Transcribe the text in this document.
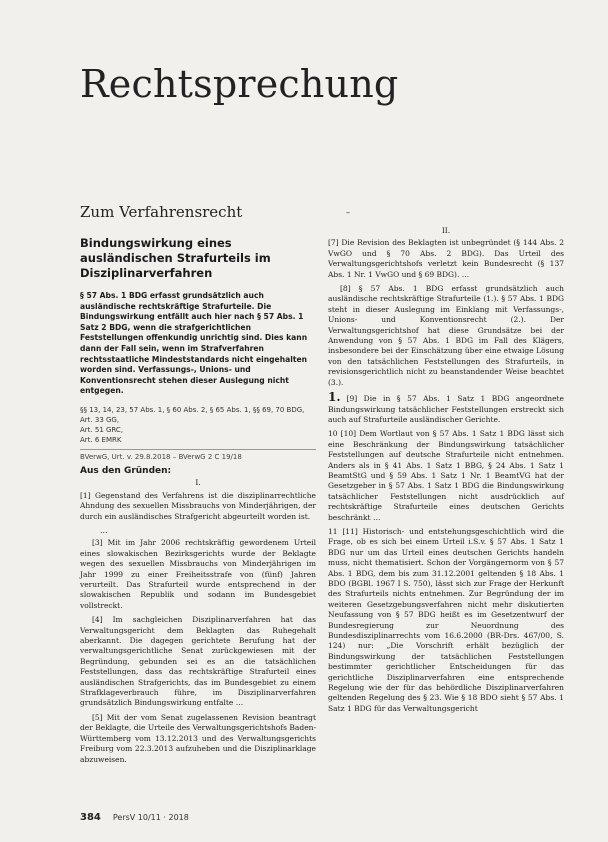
Rechtsprechung
Zum Verfahrensrecht
Bindungswirkung eines ausländischen Strafurteils im Disziplinarverfahren
§ 57 Abs. 1 BDG erfasst grundsätzlich auch ausländische rechtskräftige Strafurteile. Die Bindungswirkung entfällt auch hier nach § 57 Abs. 1 Satz 2 BDG, wenn die strafgerichtlichen Feststellungen offenkundig unrichtig sind. Dies kann dann der Fall sein, wenn im Strafverfahren rechtsstaatliche Mindeststandards nicht eingehalten worden sind. Verfassungs-, Unions- und Konventionsrecht stehen dieser Auslegung nicht entgegen.
§§ 13, 14, 23, 57 Abs. 1, § 60 Abs. 2, § 65 Abs. 1, §§ 69, 70 BDG,
Art. 33 GG,
Art. 51 GRC,
Art. 6 EMRK
BVerwG, Urt. v. 29.8.2018 – BVerwG 2 C 19/18
Aus den Gründen:
I.

[1] Gegenstand des Verfahrens ist die disziplinarrechtliche Ahndung des sexuellen Missbrauchs von Minderjährigen, der durch ein ausländisches Strafgericht abgeurteilt worden ist.

…

[3] Mit im Jahr 2006 rechtskräftig gewordenem Urteil eines slowakischen Bezirksgerichts wurde der Beklagte wegen des sexuellen Missbrauchs von Minderjährigen im Jahr 1999 zu einer Freiheitsstrafe von (fünf) Jahren verurteilt. Das Strafurteil wurde entsprechend in der slowakischen Republik und sodann im Bundesgebiet vollstreckt.

[4] Im sachgleichen Disziplinarverfahren hat das Verwaltungsgericht dem Beklagten das Ruhegehalt aberkannt. Die dagegen gerichtete Berufung hat der verwaltungsgerichtliche Senat zurückgewiesen mit der Begründung, gebunden sei es an die tatsächlichen Feststellungen, dass das rechtskräftige Strafurteil eines ausländischen Strafgerichts, das im Bundesgebiet zu einem Strafklageverbrauch führe, im Disziplinarverfahren grundsätzlich Bindungswirkung entfalte …

[5] Mit der vom Senat zugelassenen Revision beantragt der Beklagte, die Urteile des Verwaltungsgerichtshofs Baden-Württemberg vom 13.12.2013 und des Verwaltungsgerichts Freiburg vom 22.3.2013 aufzuheben und die Disziplinarklage abzuweisen.

–
II.

[7] Die Revision des Beklagten ist unbegründet (§ 144 Abs. 2 VwGO und § 70 Abs. 2 BDG). Das Urteil des Verwaltungsgerichtshofs verletzt kein Bundesrecht (§ 137 Abs. 1 Nr. 1 VwGO und § 69 BDG). …

[8] § 57 Abs. 1 BDG erfasst grundsätzlich auch ausländische rechtskräftige Strafurteile (1.). § 57 Abs. 1 BDG steht in dieser Auslegung im Einklang mit Verfassungs-, Unions- und Konventionsrecht (2.). Der Verwaltungsgerichtshof hat diese Grundsätze bei der Anwendung von § 57 Abs. 1 BDG im Fall des Klägers, insbesondere bei der Einschätzung über eine etwaige Lösung von den tatsächlichen Feststellungen des Strafurteils, in revisionsgerichtlich nicht zu beanstandender Weise beachtet (3.).

1. [9] Die in § 57 Abs. 1 Satz 1 BDG angeordnete Bindungswirkung tatsächlicher Feststellungen erstreckt sich auch auf Strafurteile ausländischer Gerichte.

10 [10] Dem Wortlaut von § 57 Abs. 1 Satz 1 BDG lässt sich eine Beschränkung der Bindungswirkung tatsächlicher Feststellungen auf deutsche Strafurteile nicht entnehmen. Anders als in § 41 Abs. 1 Satz 1 BBG, § 24 Abs. 1 Satz 1 BeamtStG und § 59 Abs. 1 Satz 1 Nr. 1 BeamtVG hat der Gesetzgeber in § 57 Abs. 1 Satz 1 BDG die Bindungswirkung tatsächlicher Feststellungen nicht ausdrücklich auf rechtskräftige Strafurteile eines deutschen Gerichts beschränkt …

11 [11] Historisch- und entstehungsgeschichtlich wird die Frage, ob es sich bei einem Urteil i.S.v. § 57 Abs. 1 Satz 1 BDG nur um das Urteil eines deutschen Gerichts handeln muss, nicht thematisiert. Schon der Vorgängernorm von § 57 Abs. 1 BDG, dem bis zum 31.12.2001 geltenden § 18 Abs. 1 BDO (BGBl. 1967 I S. 750), lässt sich zur Frage der Herkunft des Strafurteils nichts entnehmen. Zur Begründung der im weiteren Gesetzgebungsverfahren nicht mehr diskutierten Neufassung von § 57 BDG heißt es im Gesetzentwurf der Bundesregierung zur Neuordnung des Bundesdisziplinarrechts vom 16.6.2000 (BR-Drs. 467/00, S. 124) nur: „Die Vorschrift erhält bezüglich der Bindungswirkung der tatsächlichen Feststellungen bestimmter gerichtlicher Entscheidungen für das gerichtliche Disziplinarverfahren eine entsprechende Regelung wie der für das behördliche Disziplinarverfahren geltenden Regelung des § 23. Wie § 18 BDO sieht § 57 Abs. 1 Satz 1 BDG für das Verwaltungsgericht

384 PersV 10/11 · 2018
